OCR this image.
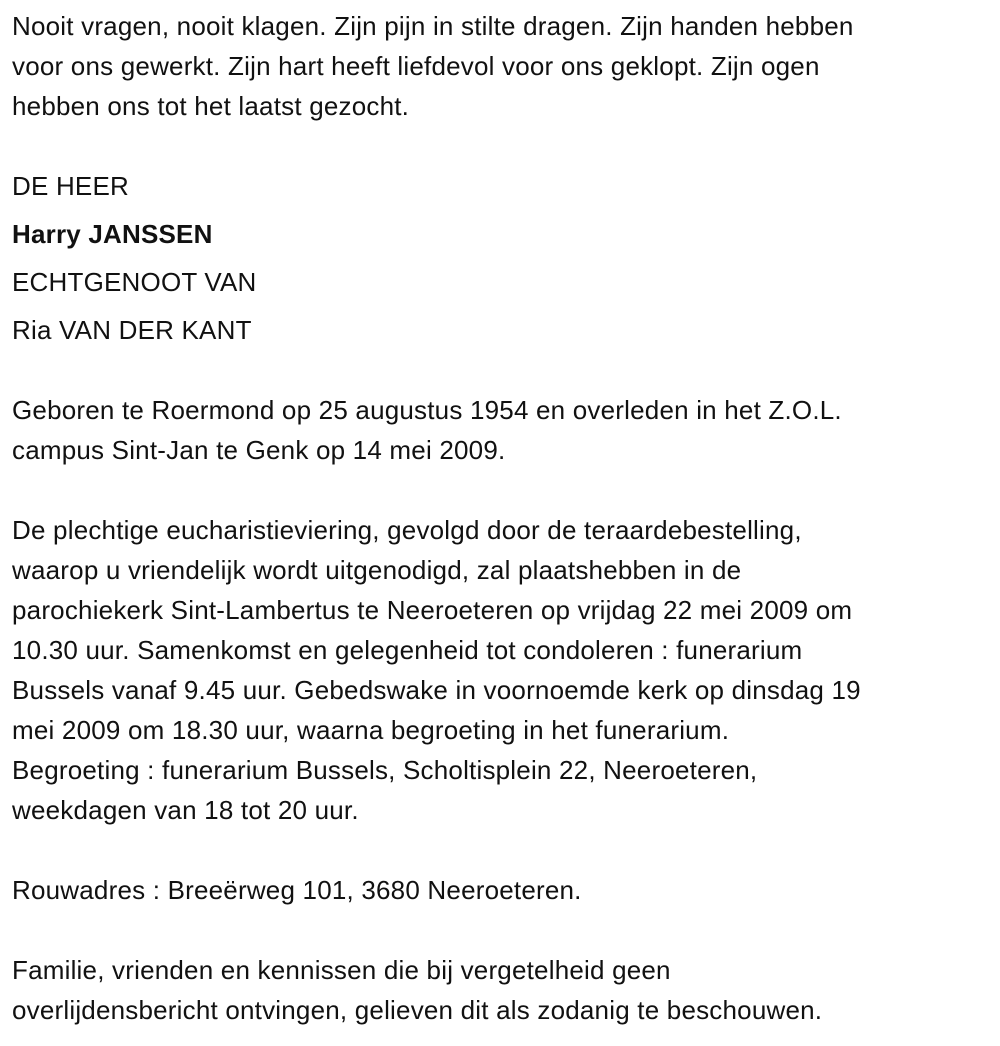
Nooit vragen, nooit klagen. Zijn pijn in stilte dragen. Zijn handen hebben
voor ons gewerkt. Zijn hart heeft liefdevol voor ons geklopt. Zijn ogen
hebben ons tot het laatst gezocht.
DE HEER
Harry JANSSEN
ECHTGENOOT VAN
Ria VAN DER KANT
Geboren te Roermond op 25 augustus 1954 en overleden in het Z.O.L.
campus Sint-Jan te Genk op 14 mei 2009.
De plechtige eucharistieviering, gevolgd door de teraardebestelling,
waarop u vriendelijk wordt uitgenodigd, zal plaatshebben in de
parochiekerk Sint-Lambertus te Neeroeteren op vrijdag 22 mei 2009 om
10.30 uur. Samenkomst en gelegenheid tot condoleren : funerarium
Bussels vanaf 9.45 uur. Gebedswake in voornoemde kerk op dinsdag 19
mei 2009 om 18.30 uur, waarna begroeting in het funerarium.
Begroeting : funerarium Bussels, Scholtisplein 22, Neeroeteren,
weekdagen van 18 tot 20 uur.
Rouwadres : Breeërweg 101, 3680 Neeroeteren.
Familie, vrienden en kennissen die bij vergetelheid geen
overlijdensbericht ontvingen, gelieven dit als zodanig te beschouwen.
